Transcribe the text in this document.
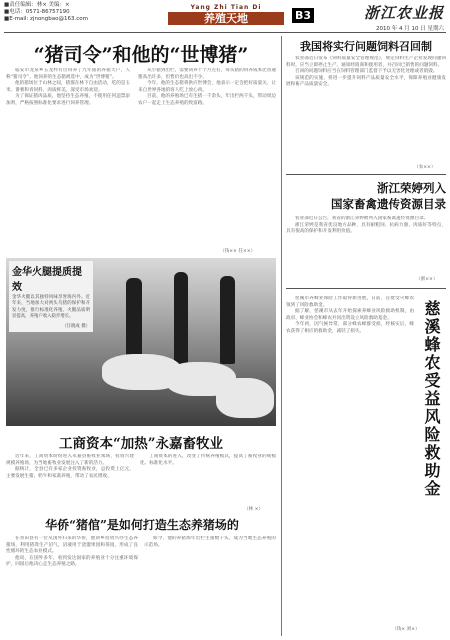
■责任编辑：林× 美编：×
■电话：0571-86757190
■E-mail: zjnongbao@163.com
Yang Zhi Tian Di
养殖天地	B3	浙江农业报
2010 年 4 月 10 日 星期六
“猪司令”和他的“世博猪”

临安市龙泉乡五龙村有位饲养了九年猪的养猪大户，人称“猪司令”。他饲养的生态猪被选中，成为“世博猪”。

他的猪场位于山林之间，猪群在林下自由活动，吃的是玉米、番薯和青饲料，肉质鲜美，深受市场欢迎。

为了保证猪肉品质，他坚持生态养殖，不使用任何违禁添加剂，严格按照标准化要求进行饲养管理。

从小猪到出栏，需要饲养十个月左右，每头猪的饲养成本比普通猪高出许多，但售价也高出不少。

今年，他的生态猪将供应世博会，他表示一定会把好质量关，让来自世界各地的客人吃上放心肉。

目前，他的养殖场已有生猪一千余头，年出栏两千头，带动周边农户一起走上生态养殖的致富路。

（钱×× 任××）
金华火腿提质提效
金华火腿以其独特风味享誉海内外。近年来，当地加大对两头乌猪的保护和开发力度，推行标准化养殖，火腿品质明显提高，养殖户收入稳步增长。
（汪晓成 摄）
工商资本“加热”永嘉畜牧业

近年来，工商资本纷纷进入永嘉县畜牧业领域，投资兴建规模养殖场，为当地畜牧业发展注入了新的活力。

据统计，全县已有多家企业投资畜牧业，总投资上亿元，主要发展生猪、奶牛和家禽养殖，带动了农民增收。

工商资本的进入，改变了传统养殖模式，提高了畜牧业的规模化、标准化水平。

（林 ×）
华侨“猪倌”是如何打造生态养猪场的

在青田县有一位从国外归来的华侨，他回乡投资兴办生态养猪场，利用猪粪生产沼气，沼液用于浇灌果园和茶园，形成了良性循环的生态农业模式。

他说，在国外多年，看到发达国家的养殖业十分注重环境保护，回国后他决心走生态养殖之路。

如今，他的养猪场年出栏生猪数千头，成为当地生态养殖的示范场。

我国将实行问题饲料召回制

农业部近日发布《饲料质量安全管理规范》，规定饲料生产企业发现问题饲料时，应当立即停止生产，通知经销商和使用者，并召回已销售的问题饲料。

召回的问题饲料应当在饲料管理部门监督下予以无害化处理或者销毁。

该规范的实施，将进一步提升饲料产品质量安全水平，保障养殖业健康发展和畜产品质量安全。

（农××）
浙江荣婷列入
国家畜禽遗传资源目录

农业部近日公告，我省的浙江荣婷被列入国家畜禽遗传资源目录。

浙江荣婷是我省优良地方品种，具有耐粗饲、抗病力强、肉质好等特点，具有很高的保护和开发利用价值。

（浙××）

慈溪市养蜂业保险工作取得新进展，日前，首批受灾蜂农领到了风险救助金。

据了解，慈溪市从去年开始探索养蜂业风险救助机制，由政府、蜂业协会和蜂农共同出资设立风险救助基金。

今年初，因气候异常，部分蜂农蜂群受损，经核实后，蜂农获得了相应的救助金，减轻了损失。	慈溪蜂农受益风险救助金
（钱× 刘×）
